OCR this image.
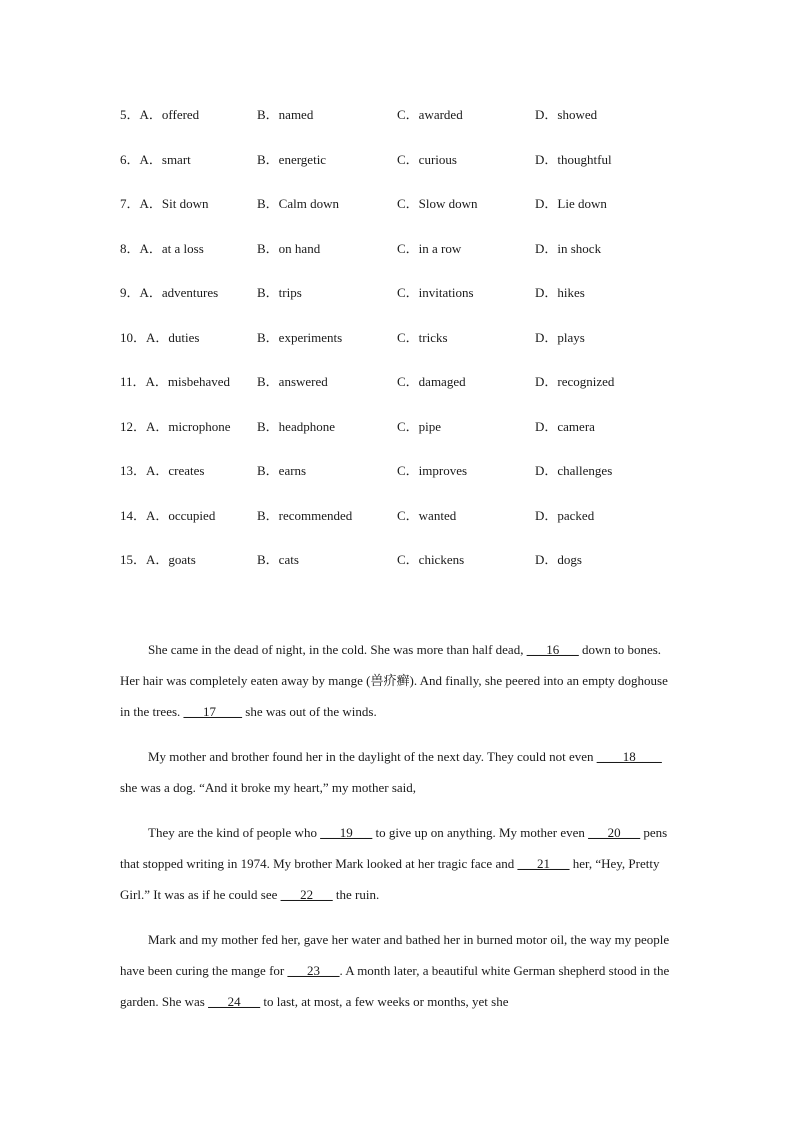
5．A．offered	B．named	C．awarded	D．showed
6．A．smart	B．energetic	C．curious	D．thoughtful
7．A．Sit down	B．Calm down	C．Slow down	D．Lie down
8．A．at a loss	B．on hand	C．in a row	D．in shock
9．A．adventures	B．trips	C．invitations	D．hikes
10．A．duties	B．experiments	C．tricks	D．plays
11．A．misbehaved B．answered	C．damaged	D．recognized
12．A．microphone B．headphone	C．pipe	D．camera
13．A．creates	B．earns	C．improves	D．challenges
14．A．occupied	B．recommended	C．wanted	D．packed
15．A．goats	B．cats	C．chickens	D．dogs

She came in the dead of night, in the cold. She was more than half dead, ___16___ down to bones. Her hair was completely eaten away by mange (兽疥癣). And finally, she peered into an empty doghouse in the trees. ___17____ she was out of the winds.

My mother and brother found her in the daylight of the next day. They could not even ____18____ she was a dog. “And it broke my heart,” my mother said,

They are the kind of people who ___19___ to give up on anything. My mother even ___20___ pens that stopped writing in 1974. My brother Mark looked at her tragic face and ___21___ her, “Hey, Pretty Girl.” It was as if he could see ___22___ the ruin.

Mark and my mother fed her, gave her water and bathed her in burned motor oil, the way my people have been curing the mange for ___23___. A month later, a beautiful white German shepherd stood in the garden. She was ___24___ to last, at most, a few weeks or months, yet she
